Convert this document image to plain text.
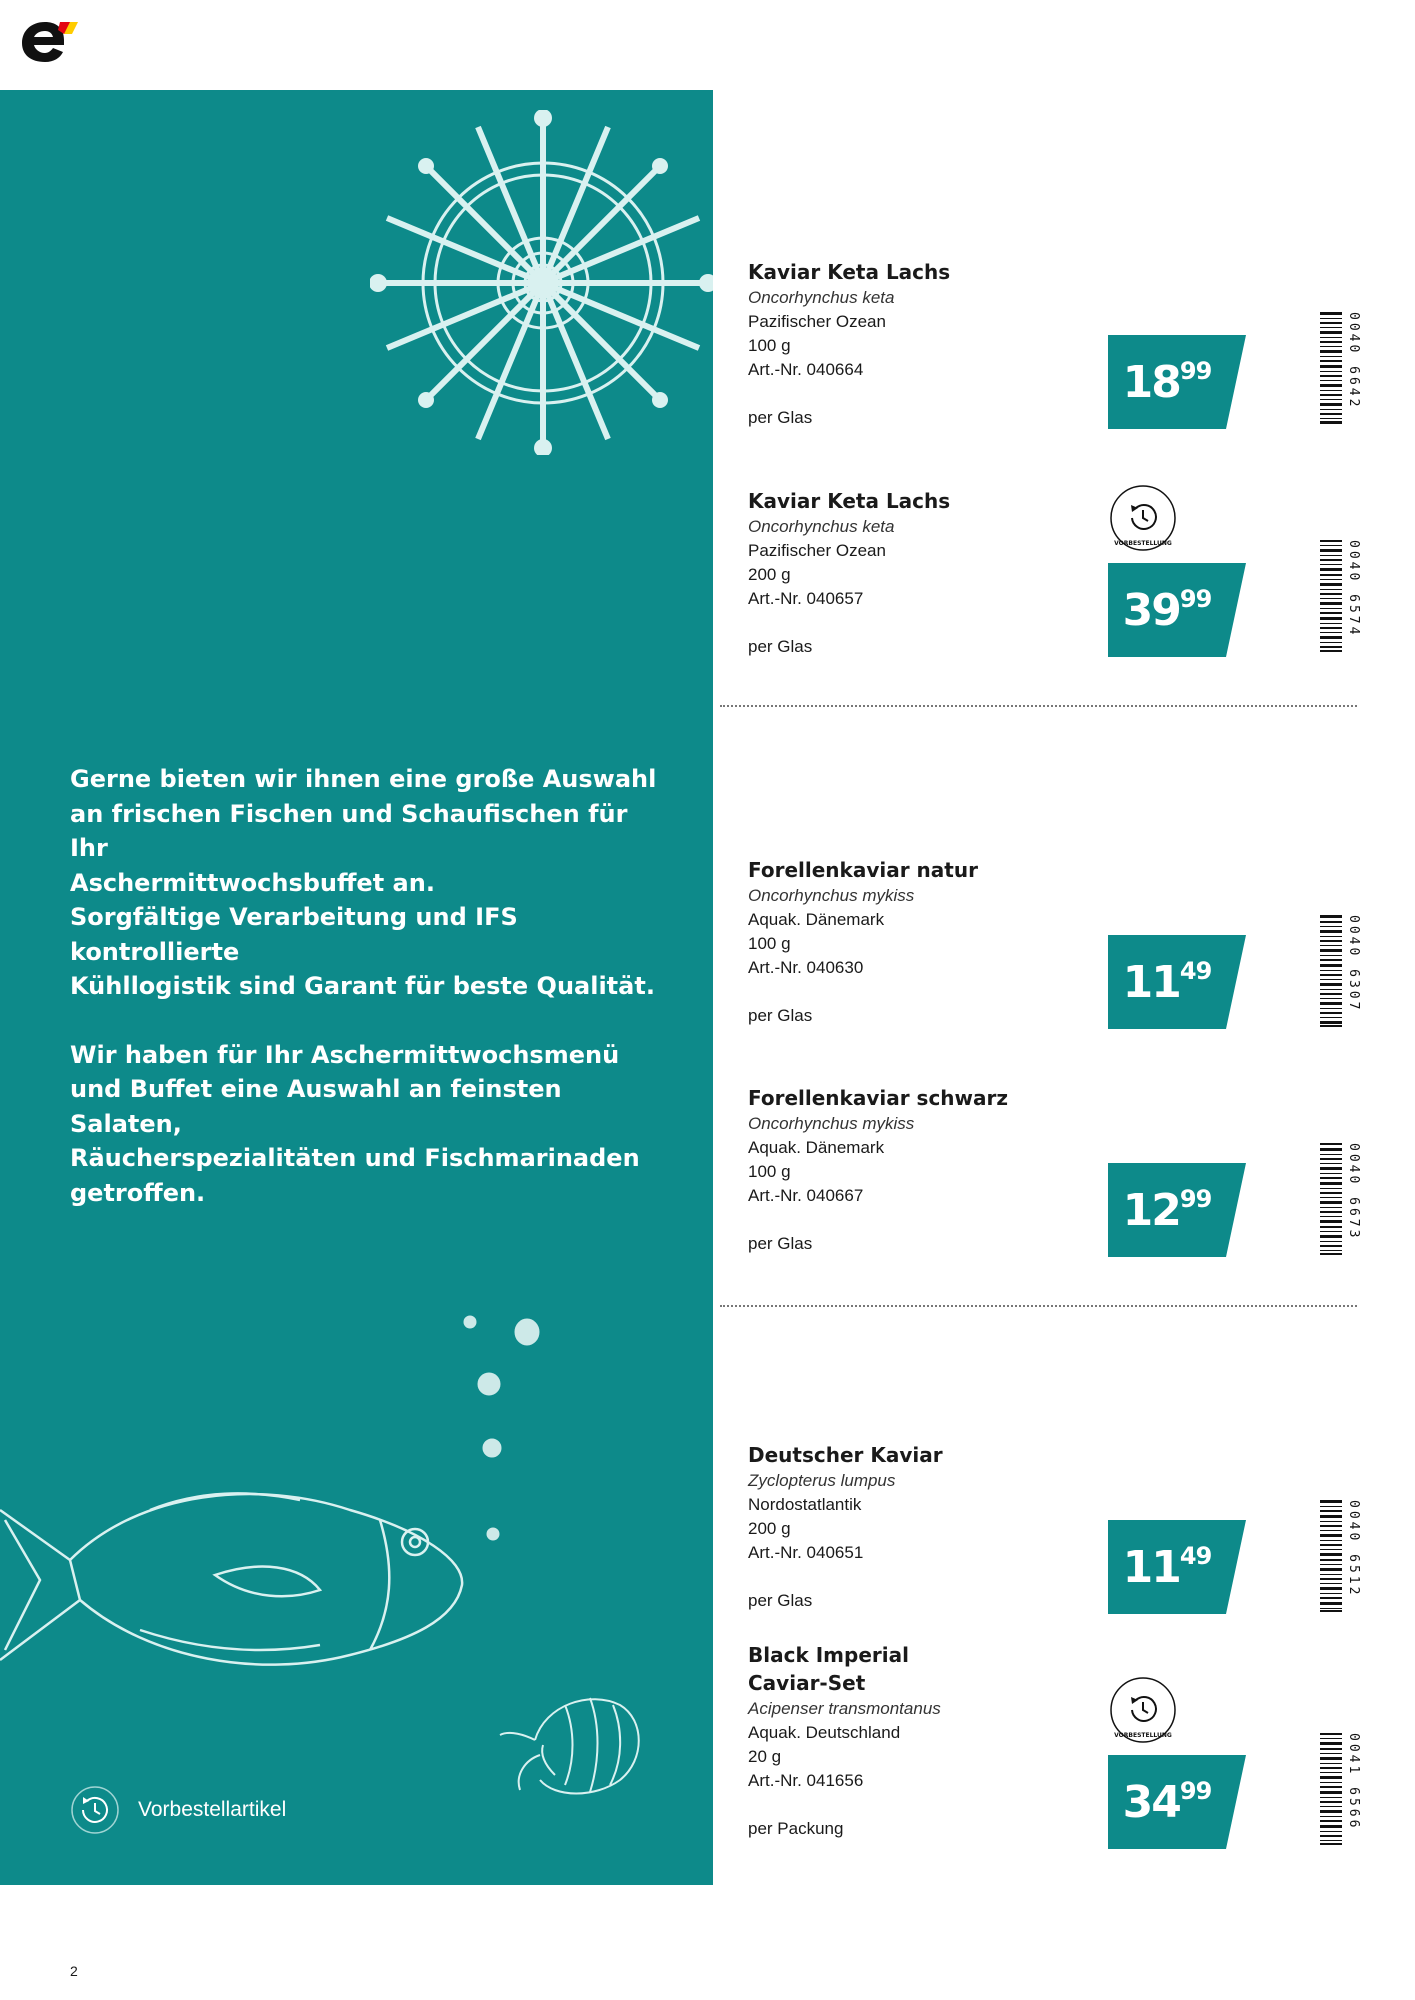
Gerne bieten wir ihnen eine große Auswahl
an frischen Fischen und Schaufischen für Ihr
Aschermittwochsbuffet an.
Sorgfältige Verarbeitung und IFS kontrollierte
Kühllogistik sind Garant für beste Qualität.

Wir haben für Ihr Aschermittwochsmenü
und Buffet eine Auswahl an feinsten Salaten,
Räucherspezialitäten und Fischmarinaden
getroffen.

Vorbestellartikel
Kaviar Keta Lachs
Oncorhynchus keta
Pazifischer Ozean
100 g
Art.-Nr. 040664
per Glas
18 99	0040 6642
Kaviar Keta Lachs
Oncorhynchus keta
Pazifischer Ozean
200 g
Art.-Nr. 040657
per Glas
VORBESTELLUNG
39 99	0040 6574
Forellenkaviar natur
Oncorhynchus mykiss
Aquak. Dänemark
100 g
Art.-Nr. 040630
per Glas
11 49	0040 6307
Forellenkaviar schwarz
Oncorhynchus mykiss
Aquak. Dänemark
100 g
Art.-Nr. 040667
per Glas
12 99	0040 6673
Deutscher Kaviar
Zyclopterus lumpus
Nordostatlantik
200 g
Art.-Nr. 040651
per Glas
11 49	0040 6512
Black Imperial
Caviar-Set
Acipenser transmontanus
Aquak. Deutschland
20 g
Art.-Nr. 041656
per Packung
VORBESTELLUNG
34 99	0041 6566
2
